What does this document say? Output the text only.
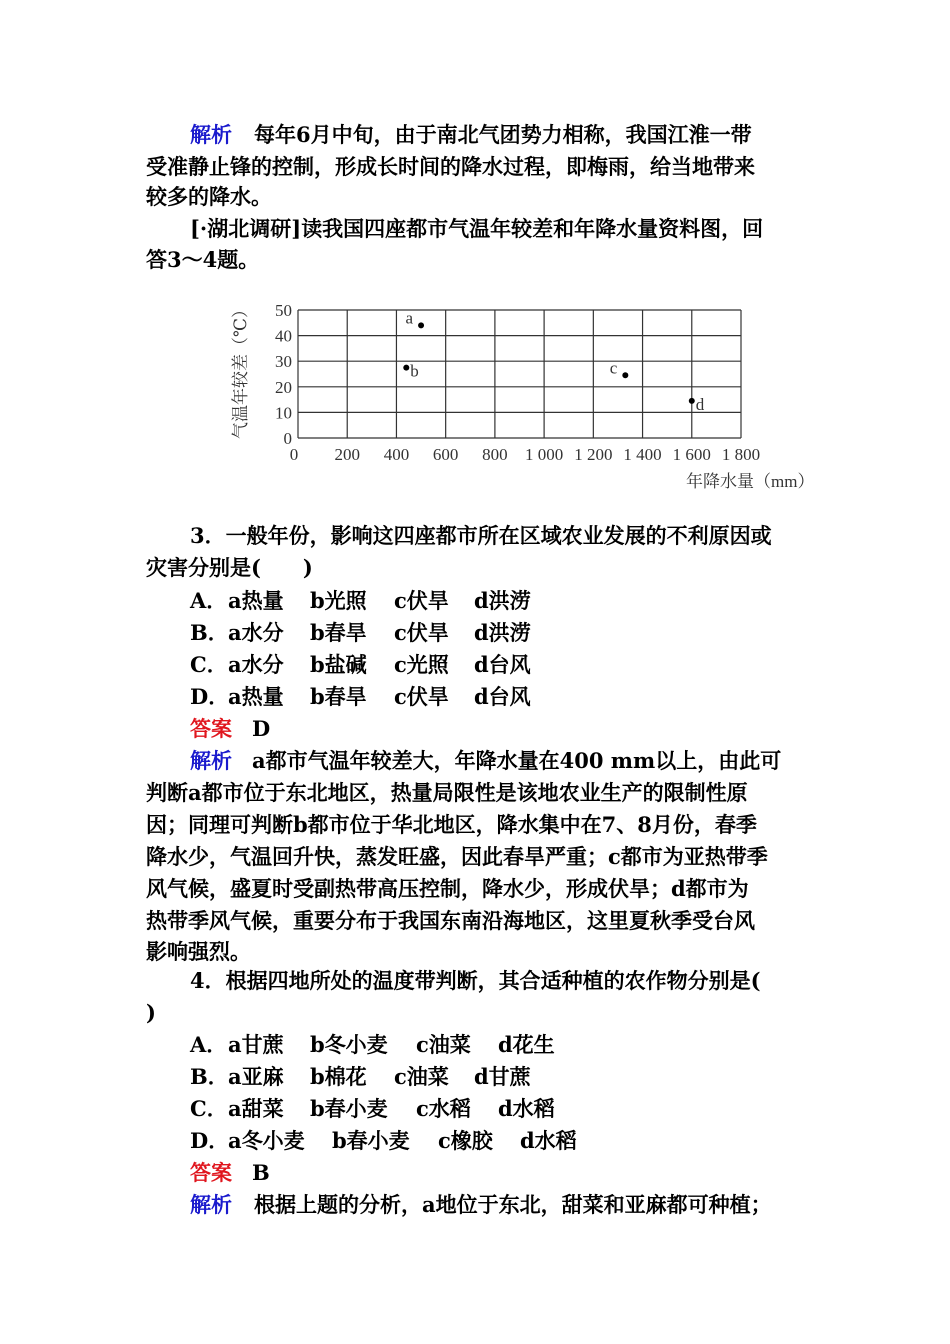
解析 每年6月中旬，由于南北气团势力相称，我国江淮一带
受准静止锋的控制，形成长时间的降水过程，即梅雨，给当地带来
较多的降水。
[·湖北调研]读我国四座都市气温年较差和年降水量资料图，回
答3～4题。
0
10
20
30
40
50
0 200 400 600 800 1 000 1 200 1 400 1 600 1 800
a
b	c
d
气温年较差（℃）
年降水量（mm）
3．一般年份，影响这四座都市所在区域农业发展的不利原因或
灾害分别是(　　)
A．a热量 b光照 c伏旱 d洪涝
B．a水分 b春旱 c伏旱 d洪涝
C．a水分 b盐碱 c光照 d台风
D．a热量 b春旱 c伏旱 d台风
答案 D
解析 a都市气温年较差大，年降水量在400 mm以上，由此可
判断a都市位于东北地区，热量局限性是该地农业生产的限制性原
因；同理可判断b都市位于华北地区，降水集中在7、8月份，春季
降水少，气温回升快，蒸发旺盛，因此春旱严重；c都市为亚热带季
风气候，盛夏时受副热带高压控制，降水少，形成伏旱；d都市为
热带季风气候，重要分布于我国东南沿海地区，这里夏秋季受台风
影响强烈。
4．根据四地所处的温度带判断，其合适种植的农作物分别是(
)
A．a甘蔗 b冬小麦 c油菜 d花生
B．a亚麻 b棉花 c油菜 d甘蔗
C．a甜菜 b春小麦 c水稻 d水稻
D．a冬小麦 b春小麦 c橡胶 d水稻
答案 B
解析 根据上题的分析，a地位于东北，甜菜和亚麻都可种植；
